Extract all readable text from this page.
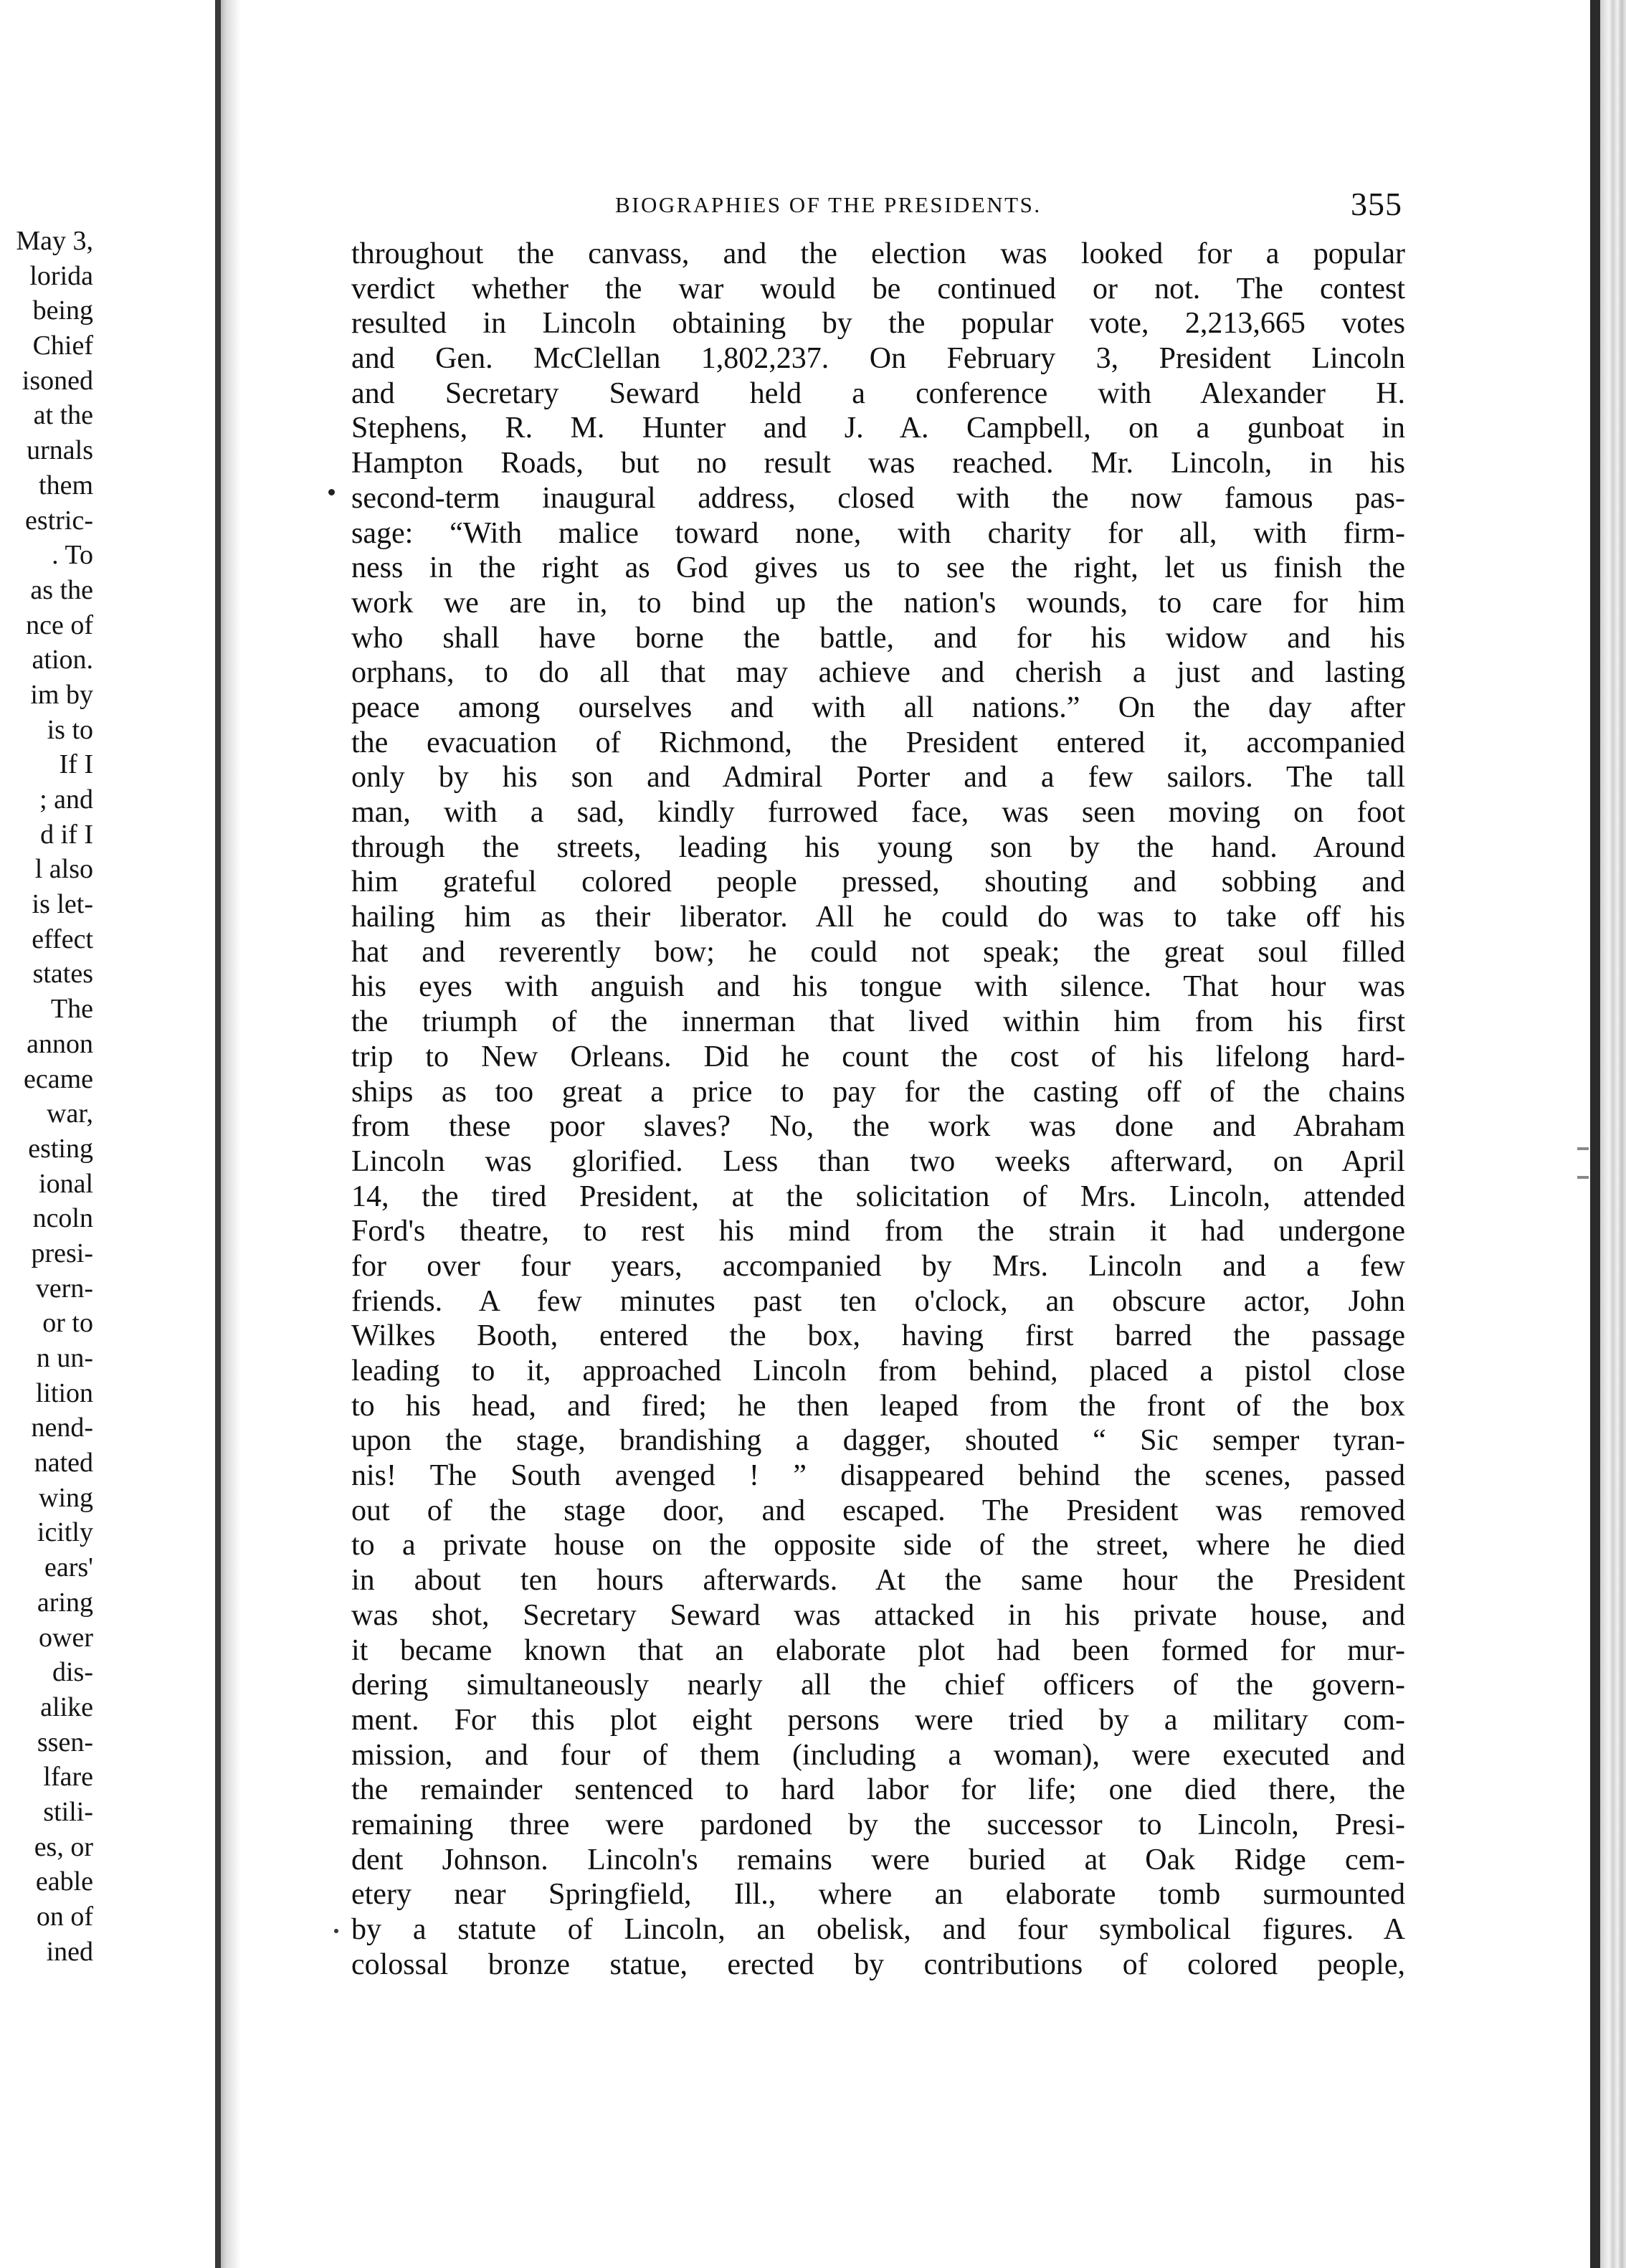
May 3,
lorida
being
Chief
isoned
at the
urnals
them
estric-
. To
as the
nce of
ation.
im by
is to
If I
; and
d if I
l also
is let-
effect
states
The
annon
ecame
war,
esting
ional
ncoln
presi-
vern-
or to
n un-
lition
nend-
nated
wing
icitly
ears'
aring
ower
dis-
alike
ssen-
lfare
stili-
es, or
eable
on of
ined
BIOGRAPHIES OF THE PRESIDENTS.	355
throughout the canvass, and the election was looked for a popular
verdict whether the war would be continued or not. The contest
resulted in Lincoln obtaining by the popular vote, 2,213,665 votes
and Gen. McClellan 1,802,237. On February 3, President Lincoln
and Secretary Seward held a conference with Alexander H.
Stephens, R. M. Hunter and J. A. Campbell, on a gunboat in
Hampton Roads, but no result was reached. Mr. Lincoln, in his
second-term inaugural address, closed with the now famous pas-
sage: “With malice toward none, with charity for all, with firm-
ness in the right as God gives us to see the right, let us finish the
work we are in, to bind up the nation's wounds, to care for him
who shall have borne the battle, and for his widow and his
orphans, to do all that may achieve and cherish a just and lasting
peace among ourselves and with all nations.” On the day after
the evacuation of Richmond, the President entered it, accompanied
only by his son and Admiral Porter and a few sailors. The tall
man, with a sad, kindly furrowed face, was seen moving on foot
through the streets, leading his young son by the hand. Around
him grateful colored people pressed, shouting and sobbing and
hailing him as their liberator. All he could do was to take off his
hat and reverently bow; he could not speak; the great soul filled
his eyes with anguish and his tongue with silence. That hour was
the triumph of the innerman that lived within him from his first
trip to New Orleans. Did he count the cost of his lifelong hard-
ships as too great a price to pay for the casting off of the chains
from these poor slaves? No, the work was done and Abraham
Lincoln was glorified. Less than two weeks afterward, on April
14, the tired President, at the solicitation of Mrs. Lincoln, attended
Ford's theatre, to rest his mind from the strain it had undergone
for over four years, accompanied by Mrs. Lincoln and a few
friends. A few minutes past ten o'clock, an obscure actor, John
Wilkes Booth, entered the box, having first barred the passage
leading to it, approached Lincoln from behind, placed a pistol close
to his head, and fired; he then leaped from the front of the box
upon the stage, brandishing a dagger, shouted “ Sic semper tyran-
nis! The South avenged ! ” disappeared behind the scenes, passed
out of the stage door, and escaped. The President was removed
to a private house on the opposite side of the street, where he died
in about ten hours afterwards. At the same hour the President
was shot, Secretary Seward was attacked in his private house, and
it became known that an elaborate plot had been formed for mur-
dering simultaneously nearly all the chief officers of the govern-
ment. For this plot eight persons were tried by a military com-
mission, and four of them (including a woman), were executed and
the remainder sentenced to hard labor for life; one died there, the
remaining three were pardoned by the successor to Lincoln, Presi-
dent Johnson. Lincoln's remains were buried at Oak Ridge cem-
etery near Springfield, Ill., where an elaborate tomb surmounted
by a statute of Lincoln, an obelisk, and four symbolical figures. A
colossal bronze statue, erected by contributions of colored people,
